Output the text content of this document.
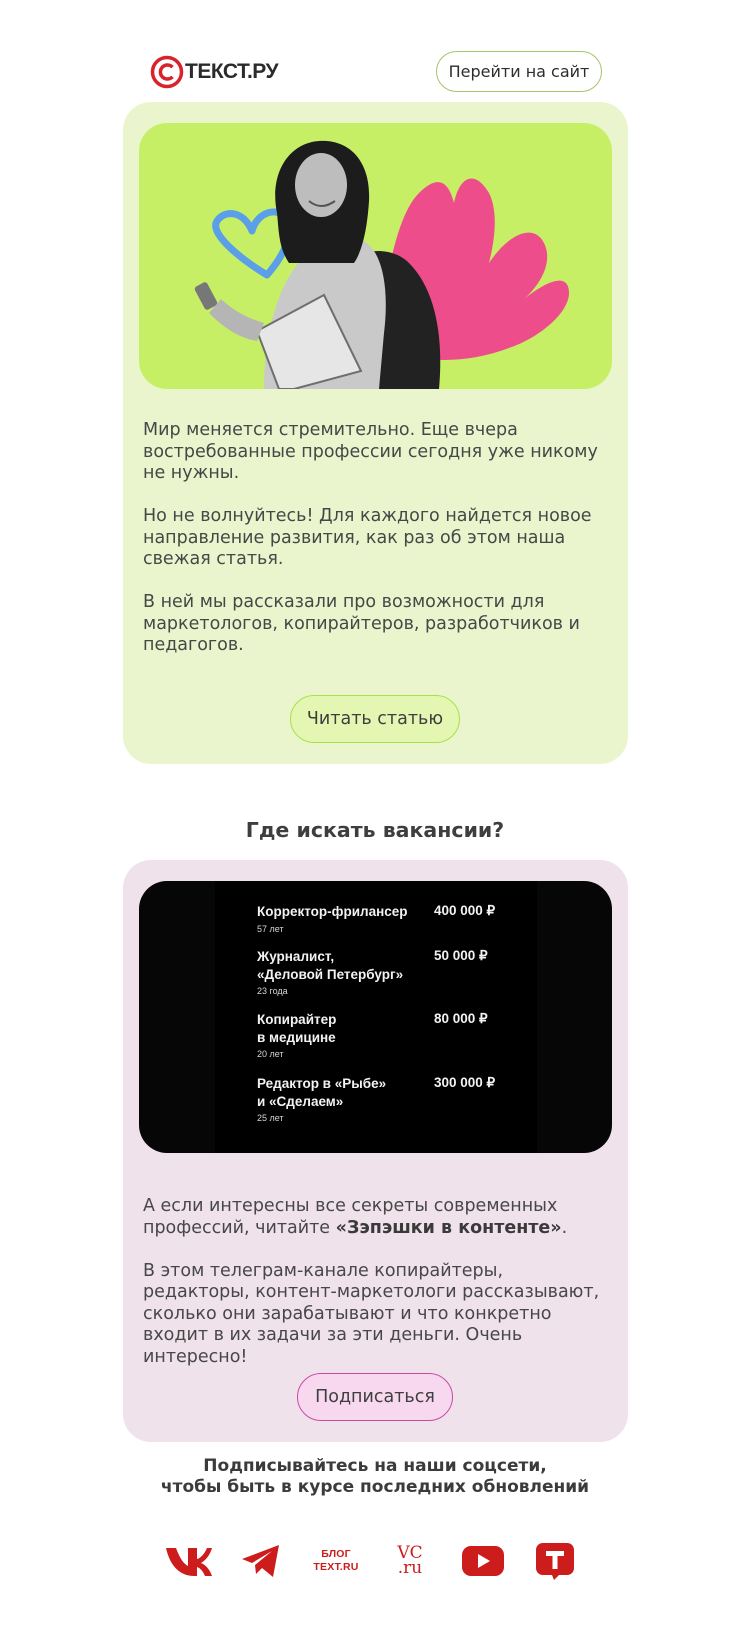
ТЕКСТ.РУ	Перейти на сайт

Мир меняется стремительно. Еще вчера востребованные профессии сегодня уже никому не нужны.

Но не волнуйтесь! Для каждого найдется новое направление развития, как раз об этом наша свежая статья.

В ней мы рассказали про возможности для маркетологов, копирайтеров, разработчиков и педагогов.

Читать статью
Где искать вакансии?
Корректор-фрилансер	400 000 ₽
57 лет
Журналист,
«Деловой Петербург»
50 000 ₽
23 года
Копирайтер
в медицине
80 000 ₽
20 лет
Редактор в «Рыбе»
и «Сделаем»
300 000 ₽
25 лет

А если интересны все секреты современных профессий, читайте «Зэпэшки в контенте».

В этом телеграм-канале копирайтеры, редакторы, контент-маркетологи рассказывают, сколько они зарабатывают и что конкретно входит в их задачи за эти деньги. Очень интересно!

Подписаться
Подписывайтесь на наши соцсети,
чтобы быть в курсе последних обновлений
БЛОГ
TEXT.RU
VC
.ru
